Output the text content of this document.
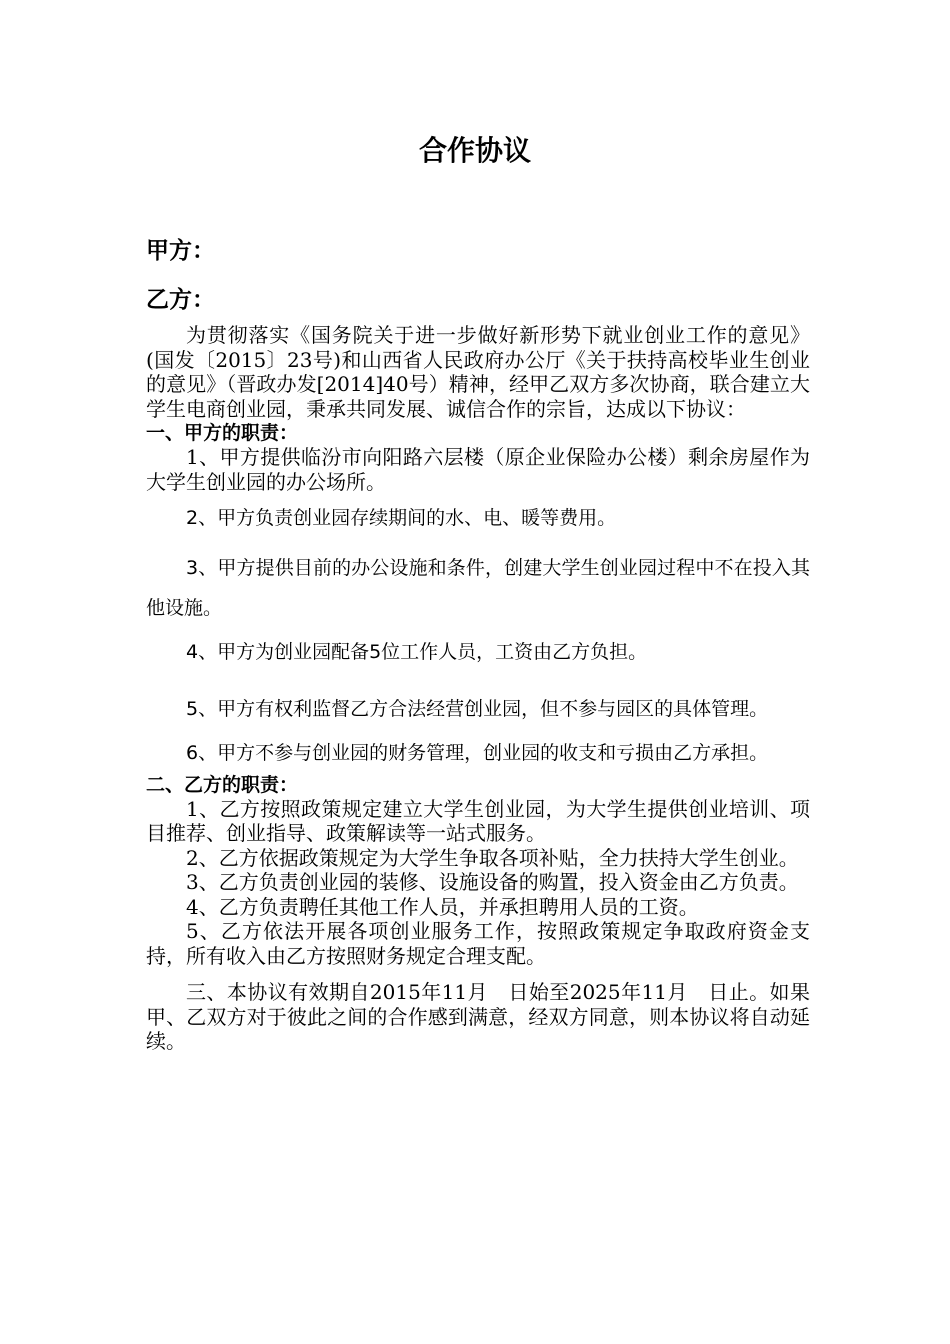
合作协议
甲方：
乙方：

为贯彻落实《国务院关于进一步做好新形势下就业创业工作的意见》(国发〔2015〕23号)和山西省人民政府办公厅《关于扶持高校毕业生创业的意见》（晋政办发[2014]40号）精神，经甲乙双方多次协商，联合建立大学生电商创业园，秉承共同发展、诚信合作的宗旨，达成以下协议：

一、甲方的职责：

1、甲方提供临汾市向阳路六层楼（原企业保险办公楼）剩余房屋作为大学生创业园的办公场所。

2、甲方负责创业园存续期间的水、电、暖等费用。

3、甲方提供目前的办公设施和条件，创建大学生创业园过程中不在投入其他设施。

4、甲方为创业园配备5位工作人员，工资由乙方负担。

5、甲方有权利监督乙方合法经营创业园，但不参与园区的具体管理。

6、甲方不参与创业园的财务管理，创业园的收支和亏损由乙方承担。

二、乙方的职责：

1、乙方按照政策规定建立大学生创业园，为大学生提供创业培训、项目推荐、创业指导、政策解读等一站式服务。

2、乙方依据政策规定为大学生争取各项补贴，全力扶持大学生创业。

3、乙方负责创业园的装修、设施设备的购置，投入资金由乙方负责。

4、乙方负责聘任其他工作人员，并承担聘用人员的工资。

5、乙方依法开展各项创业服务工作，按照政策规定争取政府资金支持，所有收入由乙方按照财务规定合理支配。

三、本协议有效期自2015年11月　日始至2025年11月　日止。如果甲、乙双方对于彼此之间的合作感到满意，经双方同意，则本协议将自动延续。
